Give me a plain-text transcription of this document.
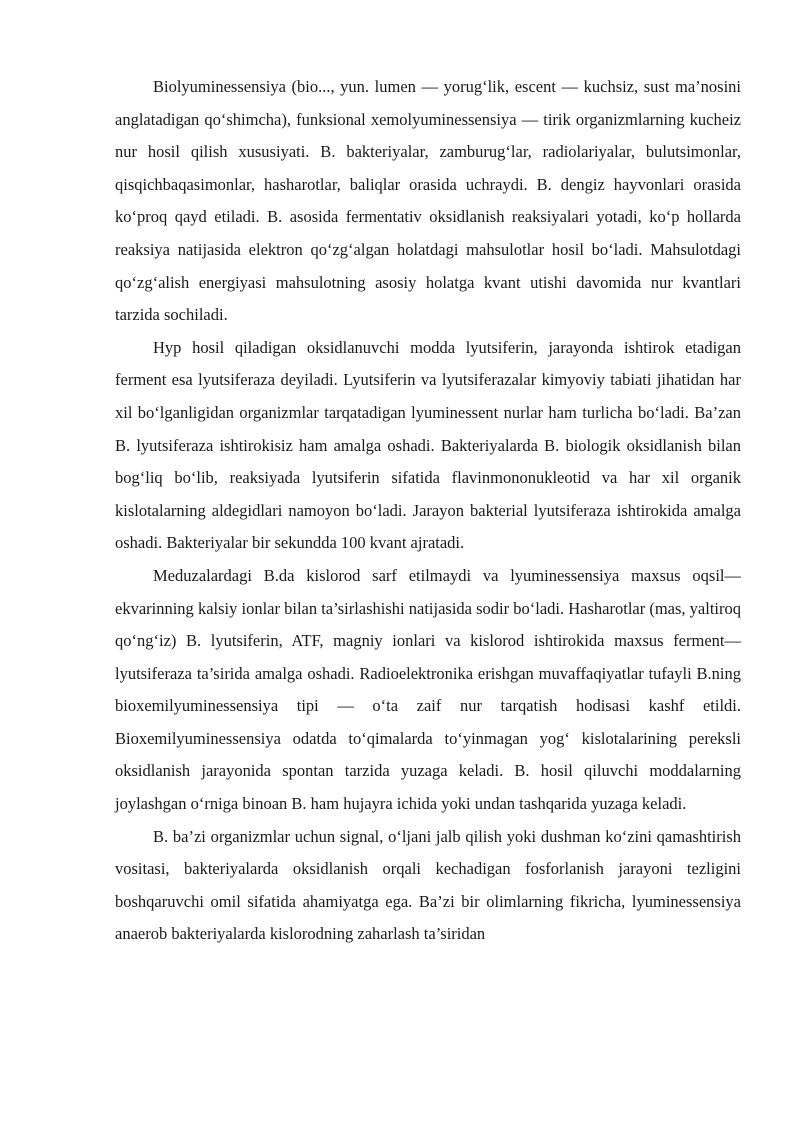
Biolyuminessensiya (bio..., yun. lumen — yorug‘lik, escent — kuchsiz, sust ma’nosini anglatadigan qo‘shimcha), funksional xemolyuminessensiya — tirik organizmlarning kucheiz nur hosil qilish xususiyati. B. bakteriyalar, zamburug‘lar, radiolariyalar, bulutsimonlar, qisqichbaqasimonlar, hasharotlar, baliqlar orasida uchraydi. B. dengiz hayvonlari orasida ko‘proq qayd etiladi. B. asosida fermentativ oksidlanish reaksiyalari yotadi, ko‘p hollarda reaksiya natijasida elektron qo‘zg‘algan holatdagi mahsulotlar hosil bo‘ladi. Mahsulotdagi qo‘zg‘alish energiyasi mahsulotning asosiy holatga kvant utishi davomida nur kvantlari tarzida sochiladi.

Hyp hosil qiladigan oksidlanuvchi modda lyutsiferin, jarayonda ishtirok etadigan ferment esa lyutsiferaza deyiladi. Lyutsiferin va lyutsiferazalar kimyoviy tabiati jihatidan har xil bo‘lganligidan organizmlar tarqatadigan lyuminessent nurlar ham turlicha bo‘ladi. Ba’zan B. lyutsiferaza ishtirokisiz ham amalga oshadi. Bakteriyalarda B. biologik oksidlanish bilan bog‘liq bo‘lib, reaksiyada lyutsiferin sifatida flavinmononukleotid va har xil organik kislotalarning aldegidlari namoyon bo‘ladi. Jarayon bakterial lyutsiferaza ishtirokida amalga oshadi. Bakteriyalar bir sekundda 100 kvant ajratadi.

Meduzalardagi B.da kislorod sarf etilmaydi va lyuminessensiya maxsus oqsil—ekvarinning kalsiy ionlar bilan ta’sirlashishi natijasida sodir bo‘ladi. Hasharotlar (mas, yaltiroq qo‘ng‘iz) B. lyutsiferin, ATF, magniy ionlari va kislorod ishtirokida maxsus ferment—lyutsiferaza ta’sirida amalga oshadi. Radioelektronika erishgan muvaffaqiyatlar tufayli B.ning bioxemilyuminessensiya tipi — o‘ta zaif nur tarqatish hodisasi kashf etildi. Bioxemilyuminessensiya odatda to‘qimalarda to‘yinmagan yog‘ kislotalarining pereksli oksidlanish jarayonida spontan tarzida yuzaga keladi. B. hosil qiluvchi moddalarning joylashgan o‘rniga binoan B. ham hujayra ichida yoki undan tashqarida yuzaga keladi.

B. ba’zi organizmlar uchun signal, o‘ljani jalb qilish yoki dushman ko‘zini qamashtirish vositasi, bakteriyalarda oksidlanish orqali kechadigan fosforlanish jarayoni tezligini boshqaruvchi omil sifatida ahamiyatga ega. Ba’zi bir olimlarning fikricha, lyuminessensiya anaerob bakteriyalarda kislorodning zaharlash ta’siridan
